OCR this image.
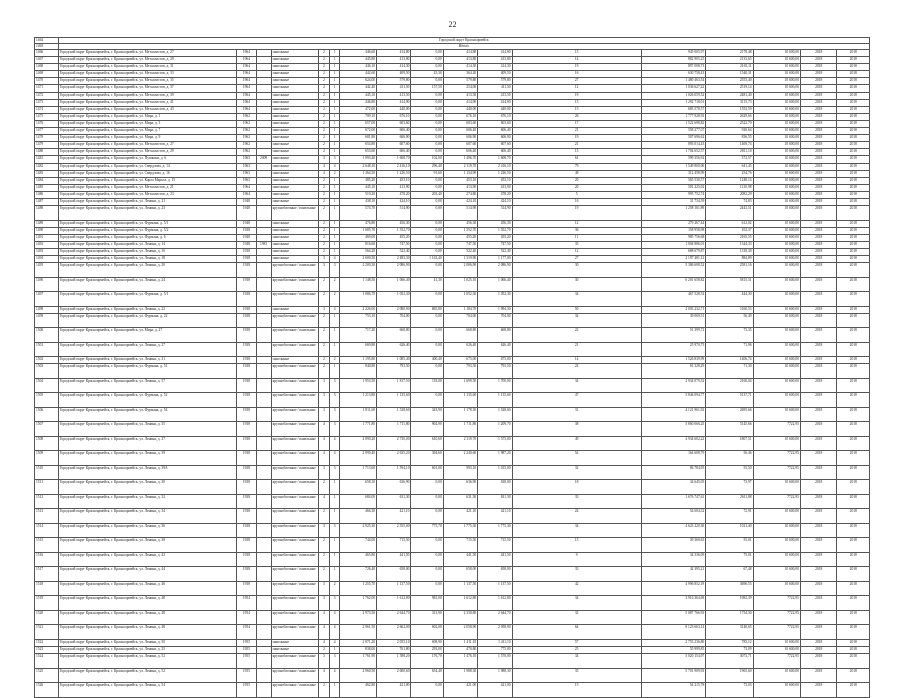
22
1464	Городской округ Красноармейск																
1465	Итого																
1466	Городской округ Красноармейск, г. Красноармейск, ул. Металлистов, д. 27	1964		панельные	2	1	446,60	414,80	0,00	414,80	414,80	15	945 005,97	2178,48	10 600,00	2018	2018
1467	Городской округ Красноармейск, г. Красноармейск, ул. Металлистов, д. 29	1964		панельные	2	1	445,80	413,80	0,00	413,80	413,80	14	882 905,25	2133,65	10 600,00	2018	2018
1468	Городской округ Красноармейск, г. Красноармейск, ул. Металлистов, д. 31	1964		панельные	2	1	446,10	414,30	0,00	414,30	414,30	19	897 008,73	2165,11	10 600,00	2018	2018
1469	Городской округ Красноармейск, г. Красноармейск, ул. Металлистов, д. 33	1964		панельные	2	1	442,60	409,50	45,30	364,20	409,50	16	630 758,43	1540,31	10 600,00	2018	2018
1470	Городской округ Красноармейск, г. Красноармейск, ул. Металлистов, д. 35	1964		панельные	2	1	624,00	579,80	0,00	579,80	579,80	27	1 480 463,54	2553,40	10 600,00	2018	2018
1471	Городской округ Красноармейск, г. Красноармейск, ул. Металлистов, д. 37	1964		панельные	2	1	442,40	411,50	157,50	254,00	411,50	12	1 036 627,22	2519,14	10 600,00	2018	2018
1472	Городской округ Красноармейск, г. Красноармейск, ул. Металлистов, д. 39	1964		панельные	2	1	445,10	413,50	0,00	413,50	413,50	19	1 026 059,52	2481,40	10 600,00	2018	2018
1473	Городской округ Красноармейск, г. Красноармейск, ул. Металлистов, д. 41	1964		панельные	2	1	446,80	414,90	0,00	414,90	414,90	15	1 292 718,01	3115,73	10 600,00	2018	2018
1474	Городской округ Красноармейск, г. Красноармейск, ул. Металлистов, д. 43	1964		панельные	2	1	472,00	440,00	0,00	440,00	440,00	15	683 578,57	1553,59	10 600,00	2018	2018
1475	Городской округ Красноармейск, г. Красноармейск, ул. Мира, д. 1	1962		панельные	2	1	709,10	676,10	0,00	676,10	676,10	26	1 777 928,93	2629,66	10 600,00	2018	2018
1476	Городской округ Красноармейск, г. Красноармейск, ул. Мира, д. 3	1962		панельные	2	1	657,00	603,60	0,00	603,60	603,60	17	1 522 698,82	2522,70	10 600,00	2018	2018
1477	Городской округ Красноармейск, г. Красноармейск, ул. Мира, д. 7	1962		панельные	2	1	672,00	606,40	0,00	606,40	606,40	21	558 277,07	920,64	10 600,00	2018	2018
1478	Городской округ Красноармейск, г. Красноармейск, ул. Мира, д. 9	1962		панельные	2	1	681,80	606,90	0,00	606,90	606,90	19	507 696,62	836,55	10 600,00	2018	2018
1479	Городской округ Красноармейск, г. Красноармейск, ул. Металлистов, д. 27	1962		панельные	2	1	654,80	607,60	0,00	607,60	607,60	21	893 014,43	1469,74	10 600,00	2018	2018
1480	Городской округ Красноармейск, г. Красноармейск, ул. Металлистов, д. 29	1962		панельные	2	1	653,60	606,40	0,00	606,40	606,40	15	1 704 652,57	2811,10	10 600,00	2018	2018
1481	Городской округ Красноармейск, г. Красноармейск, ул. Пушкина, д. 6	1965	2009	панельные	3	3	1 993,40	1 608,70	102,00	1 496,70	1 608,70	61	599 356,92	372,57	10 600,00	2018	2018
1482	Городской округ Красноармейск, г. Красноармейск, ул. Свердлова, д. 14	1963		панельные	4	4	2 648,10	2 416,10	296,40	2 119,70	2 416,10	79	1 549 800,00	641,45	10 600,00	2018	2018
1483	Городской округ Красноармейск, г. Красноармейск, ул. Свердлова, д. 16	1963		панельные	4	2	1 364,50	1 226,50	91,60	1 134,90	1 226,50	48	312 458,99	254,76	10 600,00	2018	2018
1484	Городской округ Красноармейск, г. Красноармейск, ул. Карла Маркса, д. 15	1963		панельные	2	1	485,20	453,10	0,00	453,10	453,10	20	565 530,57	1248,14	10 600,00	2018	2018
1485	Городской округ Красноармейск, г. Красноармейск, ул. Металлистов, д. 21	1964		панельные	2	1	445,10	413,90	0,00	413,90	413,90	20	501 225,02	1210,98	10 600,00	2018	2018
1486	Городской округ Красноармейск, г. Красноармейск, ул. Металлистов, д. 23	1964		панельные	2	1	510,20	478,20	203,40	274,80	478,20	5	995 752,74	2082,29	10 600,00	2018	2018
1487	Городской округ Красноармейск, г. Красноармейск, ул. Ленина, д. 21	1948		панельные	2	1	438,10	424,10	0,00	424,10	424,10	16	31 734,59	74,83	10 600,00	2018	2018
1488	Городской округ Красноармейск, г. Красноармейск, ул. Ленина, д. 23	1948		крупноблочные / панельные	2	1	574,70	514,90	0,00	514,90	514,90	19	1 258 161,89	2443,51	10 600,00	2018	2018
1489	Городской округ Красноармейск, г. Красноармейск, ул. Фурмана, д. 5/1	1948		панельные	2	1	476,80	456,30	0,00	456,30	456,30	12	279 267,44	612,02	10 600,00	2018	2018
1490	Городской округ Красноармейск, г. Красноармейск, ул. Фурмана, д. 5/2	1938		панельные	2	1	1 685,70	1 552,70	0,00	1 552,70	1 552,70	36	158 958,98	102,37	10 600,00	2018	2018
1491	Городской округ Красноармейск, г. Красноармейск, ул. Фурмана, д. 6	1948		панельные	2	1	469,00	455,20	0,00	455,20	455,20	11	985 756,68	2165,55	10 600,00	2018	2018
1492	Городской округ Красноармейск, г. Красноармейск, ул. Ленина, д. 14	1948	1981	панельные	2	1	816,60	747,50	0,00	747,50	747,50	35	1 004 886,01	1344,33	10 600,00	2018	2018
1493	Городской округ Красноармейск, г. Красноармейск, ул. Ленина, д. 16	1938		панельные	2	1	564,20	522,40	0,00	522,40	522,40	12	688 679,87	1318,30	10 600,00	2018	2018
1494	Городской округ Красноармейск, г. Красноармейск, ул. Ленина, д. 18	1938		панельные	3	4	2 600,50	2 483,30	1 163,40	1 319,90	1 177,00	27	2 197 481,12	884,89	10 600,00	2018	2018
1495	Городской округ Красноармейск, г. Красноармейск, ул. Ленина, д. 20	1938		крупноблочные / панельные	3	3	2 200,30	2 086,90	0,00	2 086,90	2 086,90	30	5 386 608,52	2581,16	10 600,00	2018	2018
1496	Городской округ Красноармейск, г. Красноармейск, ул. Ленина, д. 24	1938		крупноблочные / панельные	2	2	1 148,50	1 066,40	41,30	1 025,10	1 066,40	30	6 201 658,82	5815,51	10 600,00	2018	2018
1497	Городской округ Красноармейск, г. Красноармейск, ул. Фурмана, д. 5/1	1938		крупноблочные / панельные	2	2	1 086,70	1 052,30	0,00	1 052,30	1 052,30	34	467 528,52	444,30	10 600,00	2018	2018
1498	Городской округ Красноармейск, г. Красноармейск, ул. Ленина, д. 22	1938		панельные	3	4	2 226,00	2 080,90	865,80	1 184,70	1 994,30	50	2 003 232,71	1160,53	10 600,00	2018	2018
1499	Городской округ Красноармейск, г. Красноармейск, ул. Фурмана, д. 22	1938		крупноблочные / панельные	2	1	753,10	704,00	0,00	704,00	704,00	34	39 069,51	56,49	10 600,00	2018	2018
1500	Городской округ Красноармейск, г. Красноармейск, ул. Мира, д. 27	1938		крупноблочные / панельные	2	1	717,20	668,80	0,00	668,80	668,80	22	51 399,72	73,35	10 600,00	2018	2018
1501	Городской округ Красноармейск, г. Красноармейск, ул. Ленина, д. 27	1938		крупноблочные / панельные	2	1	669,80	626,40	0,00	626,40	626,40	21	25 970,75	71,96	10 600,00	2018	2018
1502	Городской округ Красноармейск, г. Красноармейск, ул. Ленина, д. 31	1938		панельные	2	2	1 195,80	1 085,40	400,40	675,00	675,00	14	1 526 839,99	1406,74	10 600,00	2018	2018
1503	Городской округ Красноармейск, г. Красноармейск, ул. Фурмана, д. 51	1938		крупноблочные / панельные	2	1	840,80	793,50	0,00	793,50	793,50	24	81 328,29	71,30	10 600,00	2018	2018
1504	Городской округ Красноармейск, г. Красноармейск, ул. Ленина, д. 57	1938		крупноблочные / панельные	3	3	1 953,50	1 817,50	118,00	1 699,50	1 700,00	34	2 934 079,52	2160,04	10 600,00	2018	2018
1505	Городской округ Красноармейск, г. Красноармейск, ул. Фурмана, д. 52	1938		крупноблочные / панельные	3	3	1 213,80	1 135,60	0,00	1 135,60	1 135,60	47	5 846 094,77	5137,71	10 600,00	2018	2018
1506	Городской округ Красноармейск, г. Красноармейск, ул. Фурмана, д. 54	1938		крупноблочные / панельные	3	3	1 811,60	1 528,60	343,90	1 178,30	1 528,60	31	4 121 961,92	2695,66	10 600,00	2018	2018
1507	Городской округ Красноармейск, г. Красноармейск, ул. Ленина, д. 35	1938		крупноблочные / панельные	4	3	1 771,80	1 711,80	902,90	1 711,80	1 209,70	38	5 860 066,25	5145,66	7722,95	2018	2018
1508	Городской округ Красноармейск, г. Красноармейск, ул. Ленина, д. 37	1938		крупноблочные / панельные	4	4	2 890,20	2 730,00	610,60	2 119,70	1 575,00	49	4 934 602,22	1807,51	10 600,00	2018	2018
1509	Городской округ Красноармейск, г. Красноармейск, ул. Ленина, д. 39	1938		крупноблочные / панельные	4	4	2 990,40	2 635,20	394,60	2 240,60	1 987,20	54	164 608,79	56,46	7722,95	2018	2018
1510	Городской округ Красноармейск, г. Красноармейск, ул. Ленина, д. 39А	1938		крупноблочные / панельные	3	3	1 713,60	1 594,10	601,00	993,10	1 015,00	32	86 784,95	55,50	7722,95	2018	2018
1511	Городской округ Красноармейск, г. Красноармейск, ул. Ленина, д. 30	1938		крупноблочные / панельные	2	1	658,10	636,90	0,00	636,90	638,00	18	34 645,05	73,97	10 600,00	2018	2018
1512	Городской округ Красноармейск, г. Красноармейск, ул. Ленина, д. 32	1938		крупноблочные / панельные	4	1	684,00	631,30	0,00	631,30	631,30	33	1 676 747,61	2611,88	7722,95	2018	2018
1513	Городской округ Красноармейск, г. Красноармейск, ул. Ленина, д. 34	1938		крупноблочные / панельные	2	1	466,30	421,10	0,00	421,10	421,10	24	54 604,32	72,91	10 600,00	2018	2018
1514	Городской округ Красноармейск, г. Красноармейск, ул. Ленина, д. 36	1938		крупноблочные / панельные	3	3	2 925,30	2 555,00	775,70	1 775,30	1 775,30	34	4 623 220,30	1021,40	10 600,00	2018	2018
1515	Городской округ Красноармейск, г. Красноармейск, ул. Ленина, д. 38	1938		крупноблочные / панельные	2	1	744,00	715,50	0,00	715,50	715,50	15	39 360,65	55,01	10 600,00	2018	2018
1516	Городской округ Красноармейск, г. Красноармейск, ул. Ленина, д. 42	1938		крупноблочные / панельные	2	1	465,80	441,50	0,00	441,50	441,50	9	34 336,09	75,01	10 600,00	2018	2018
1517	Городской округ Красноармейск, г. Красноармейск, ул. Ленина, д. 44	1938		крупноблочные / панельные	2	1	726,40	658,00	0,00	658,00	658,00	33	42 395,21	67,48	10 600,00	2018	2018
1518	Городской округ Красноармейск, г. Красноармейск, ул. Ленина, д. 46	1938		крупноблочные / панельные	3	2	1 255,70	1 137,50	0,00	1 137,50	1 137,50	42	4 996 852,19	3696,55	10 600,00	2018	2018
1519	Городской округ Красноармейск, г. Красноармейск, ул. Ленина, д. 48	1954		крупноблочные / панельные	3	3	1 762,00	1 612,80	981,00	1 612,80	1 612,80	34	3 916 364,69	1982,39	7722,95	2018	2018
1520	Городской округ Красноармейск, г. Красноармейск, ул. Ленина, д. 48	1954		крупноблочные / панельные	4	4	2 973,50	2 644,70	313,90	2 330,80	2 644,70	32	5 087 766,93	1754,30	7722,95	2018	2018
1521	Городской округ Красноармейск, г. Красноармейск, ул. Ленина, д. 48	1954		крупноблочные / панельные	4	4	2 961,50	2 662,00	602,00	2 058,90	2 058,90	64	8 123 663,14	3140,65	7722,95	2018	2018
1522	Городской округ Красноармейск, г. Красноармейск, ул. Ленина, д. 50	1955		панельные	4	4	2 871,20	2 055,10	608,90	1 411,10	1 411,10	57	2 753 236,80	785,12	10 600,00	2018	2018
1523	Городской округ Красноармейск, г. Красноармейск, ул. Ленина, д. 25	1955		панельные	2	1	838,00	761,80	293,00	470,80	775,00	25	55 999,85	73,09	10 600,00	2018	2018
1524	Городской округ Красноармейск, г. Красноармейск, ул. Ленина, д. 52	1955		крупноблочные / панельные	3	3	1 761,90	1 588,20	176,70	1 476,10	1 570,00	34	5 020 154,97	3073,71	7722,95	2018	2018
1525	Городской округ Красноармейск, г. Красноармейск, ул. Ленина, д. 52	1955		крупноблочные / панельные	4	4	2 960,50	2 600,60	654,40	1 988,30	1 988,30	35	5 701 909,93	1965,60	10 600,00	2018	2018
1526	Городской округ Красноармейск, г. Красноармейск, ул. Ленина, д. 54	1955		крупноблочные / панельные	2	1	462,80	421,00	0,00	421,00	421,00	15	54 215,78	73,03	10 600,00	2018	2018
